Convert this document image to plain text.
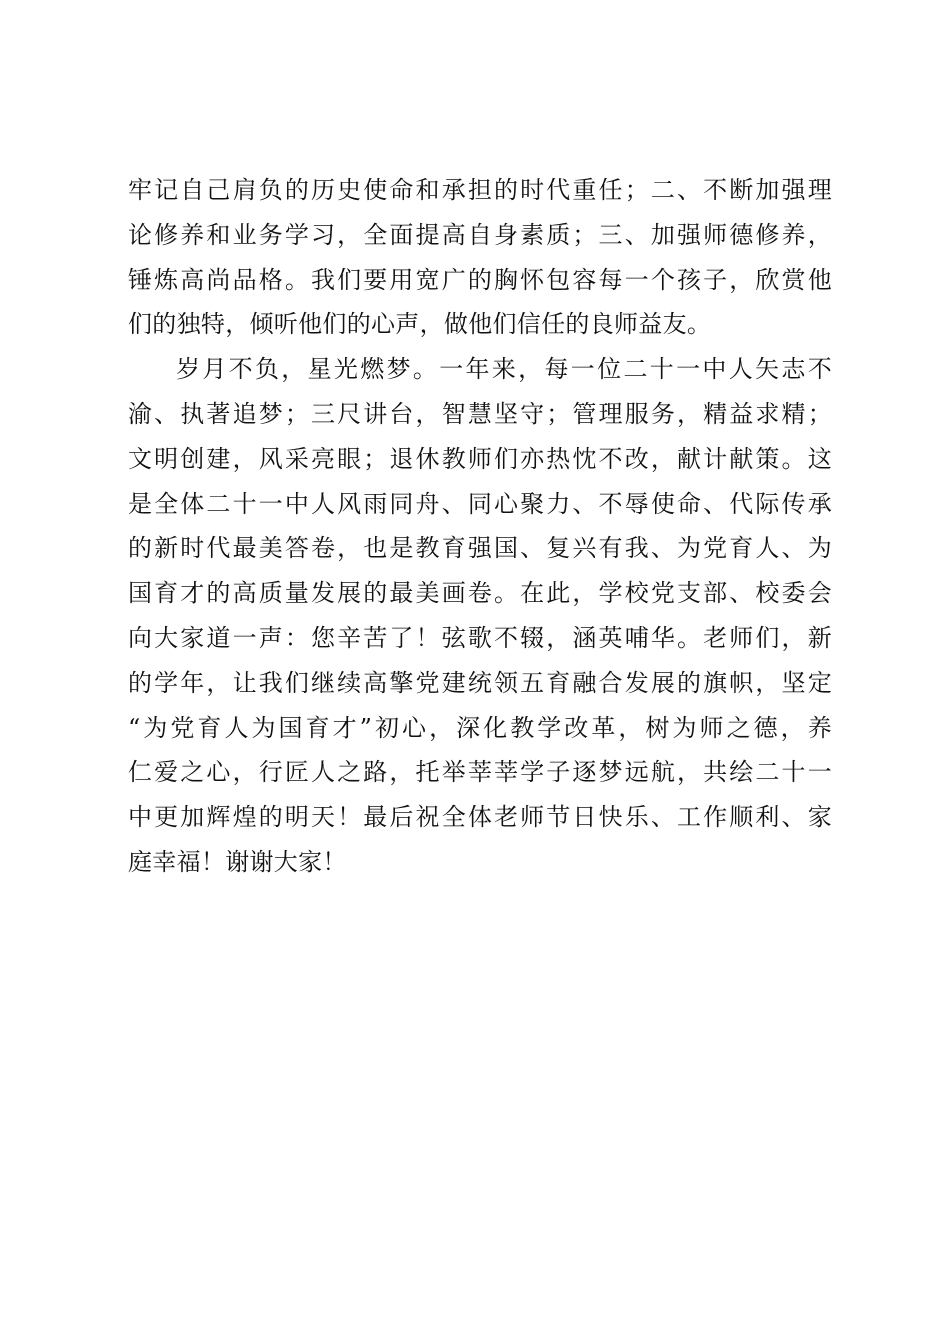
牢记自己肩负的历史使命和承担的时代重任；二、不断加强理
论修养和业务学习，全面提高自身素质；三、加强师德修养，
锤炼高尚品格。我们要用宽广的胸怀包容每一个孩子，欣赏他
们的独特，倾听他们的心声，做他们信任的良师益友。
岁月不负，星光燃梦。一年来，每一位二十一中人矢志不
渝、执著追梦；三尺讲台，智慧坚守；管理服务，精益求精；
文明创建，风采亮眼；退休教师们亦热忱不改，献计献策。这
是全体二十一中人风雨同舟、同心聚力、不辱使命、代际传承
的新时代最美答卷，也是教育强国、复兴有我、为党育人、为
国育才的高质量发展的最美画卷。在此，学校党支部、校委会
向大家道一声：您辛苦了！弦歌不辍，涵英哺华。老师们，新
的学年，让我们继续高擎党建统领五育融合发展的旗帜，坚定
“为党育人为国育才”初心，深化教学改革，树为师之德，养
仁爱之心，行匠人之路，托举莘莘学子逐梦远航，共绘二十一
中更加辉煌的明天！最后祝全体老师节日快乐、工作顺利、家
庭幸福！谢谢大家！
